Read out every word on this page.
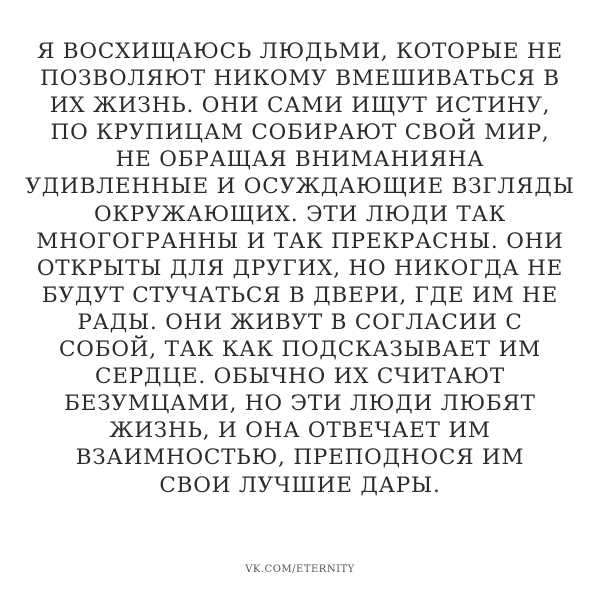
Я ВОСХИЩАЮСЬ ЛЮДЬМИ, КОТОРЫЕ НЕ
ПОЗВОЛЯЮТ НИКОМУ ВМЕШИВАТЬСЯ В
ИХ ЖИЗНЬ. ОНИ САМИ ИЩУТ ИСТИНУ,
ПО КРУПИЦАМ СОБИРАЮТ СВОЙ МИР,
НЕ ОБРАЩАЯ ВНИМАНИЯНА
УДИВЛЕННЫЕ И ОСУЖДАЮЩИЕ ВЗГЛЯДЫ
ОКРУЖАЮЩИХ. ЭТИ ЛЮДИ ТАК
МНОГОГРАННЫ И ТАК ПРЕКРАСНЫ. ОНИ
ОТКРЫТЫ ДЛЯ ДРУГИХ, НО НИКОГДА НЕ
БУДУТ СТУЧАТЬСЯ В ДВЕРИ, ГДЕ ИМ НЕ
РАДЫ. ОНИ ЖИВУТ В СОГЛАСИИ С
СОБОЙ, ТАК КАК ПОДСКАЗЫВАЕТ ИМ
СЕРДЦЕ. ОБЫЧНО ИХ СЧИТАЮТ
БЕЗУМЦАМИ, НО ЭТИ ЛЮДИ ЛЮБЯТ
ЖИЗНЬ, И ОНА ОТВЕЧАЕТ ИМ
ВЗАИМНОСТЬЮ, ПРЕПОДНОСЯ ИМ
СВОИ ЛУЧШИЕ ДАРЫ.

VK.COM/ETERNITY
